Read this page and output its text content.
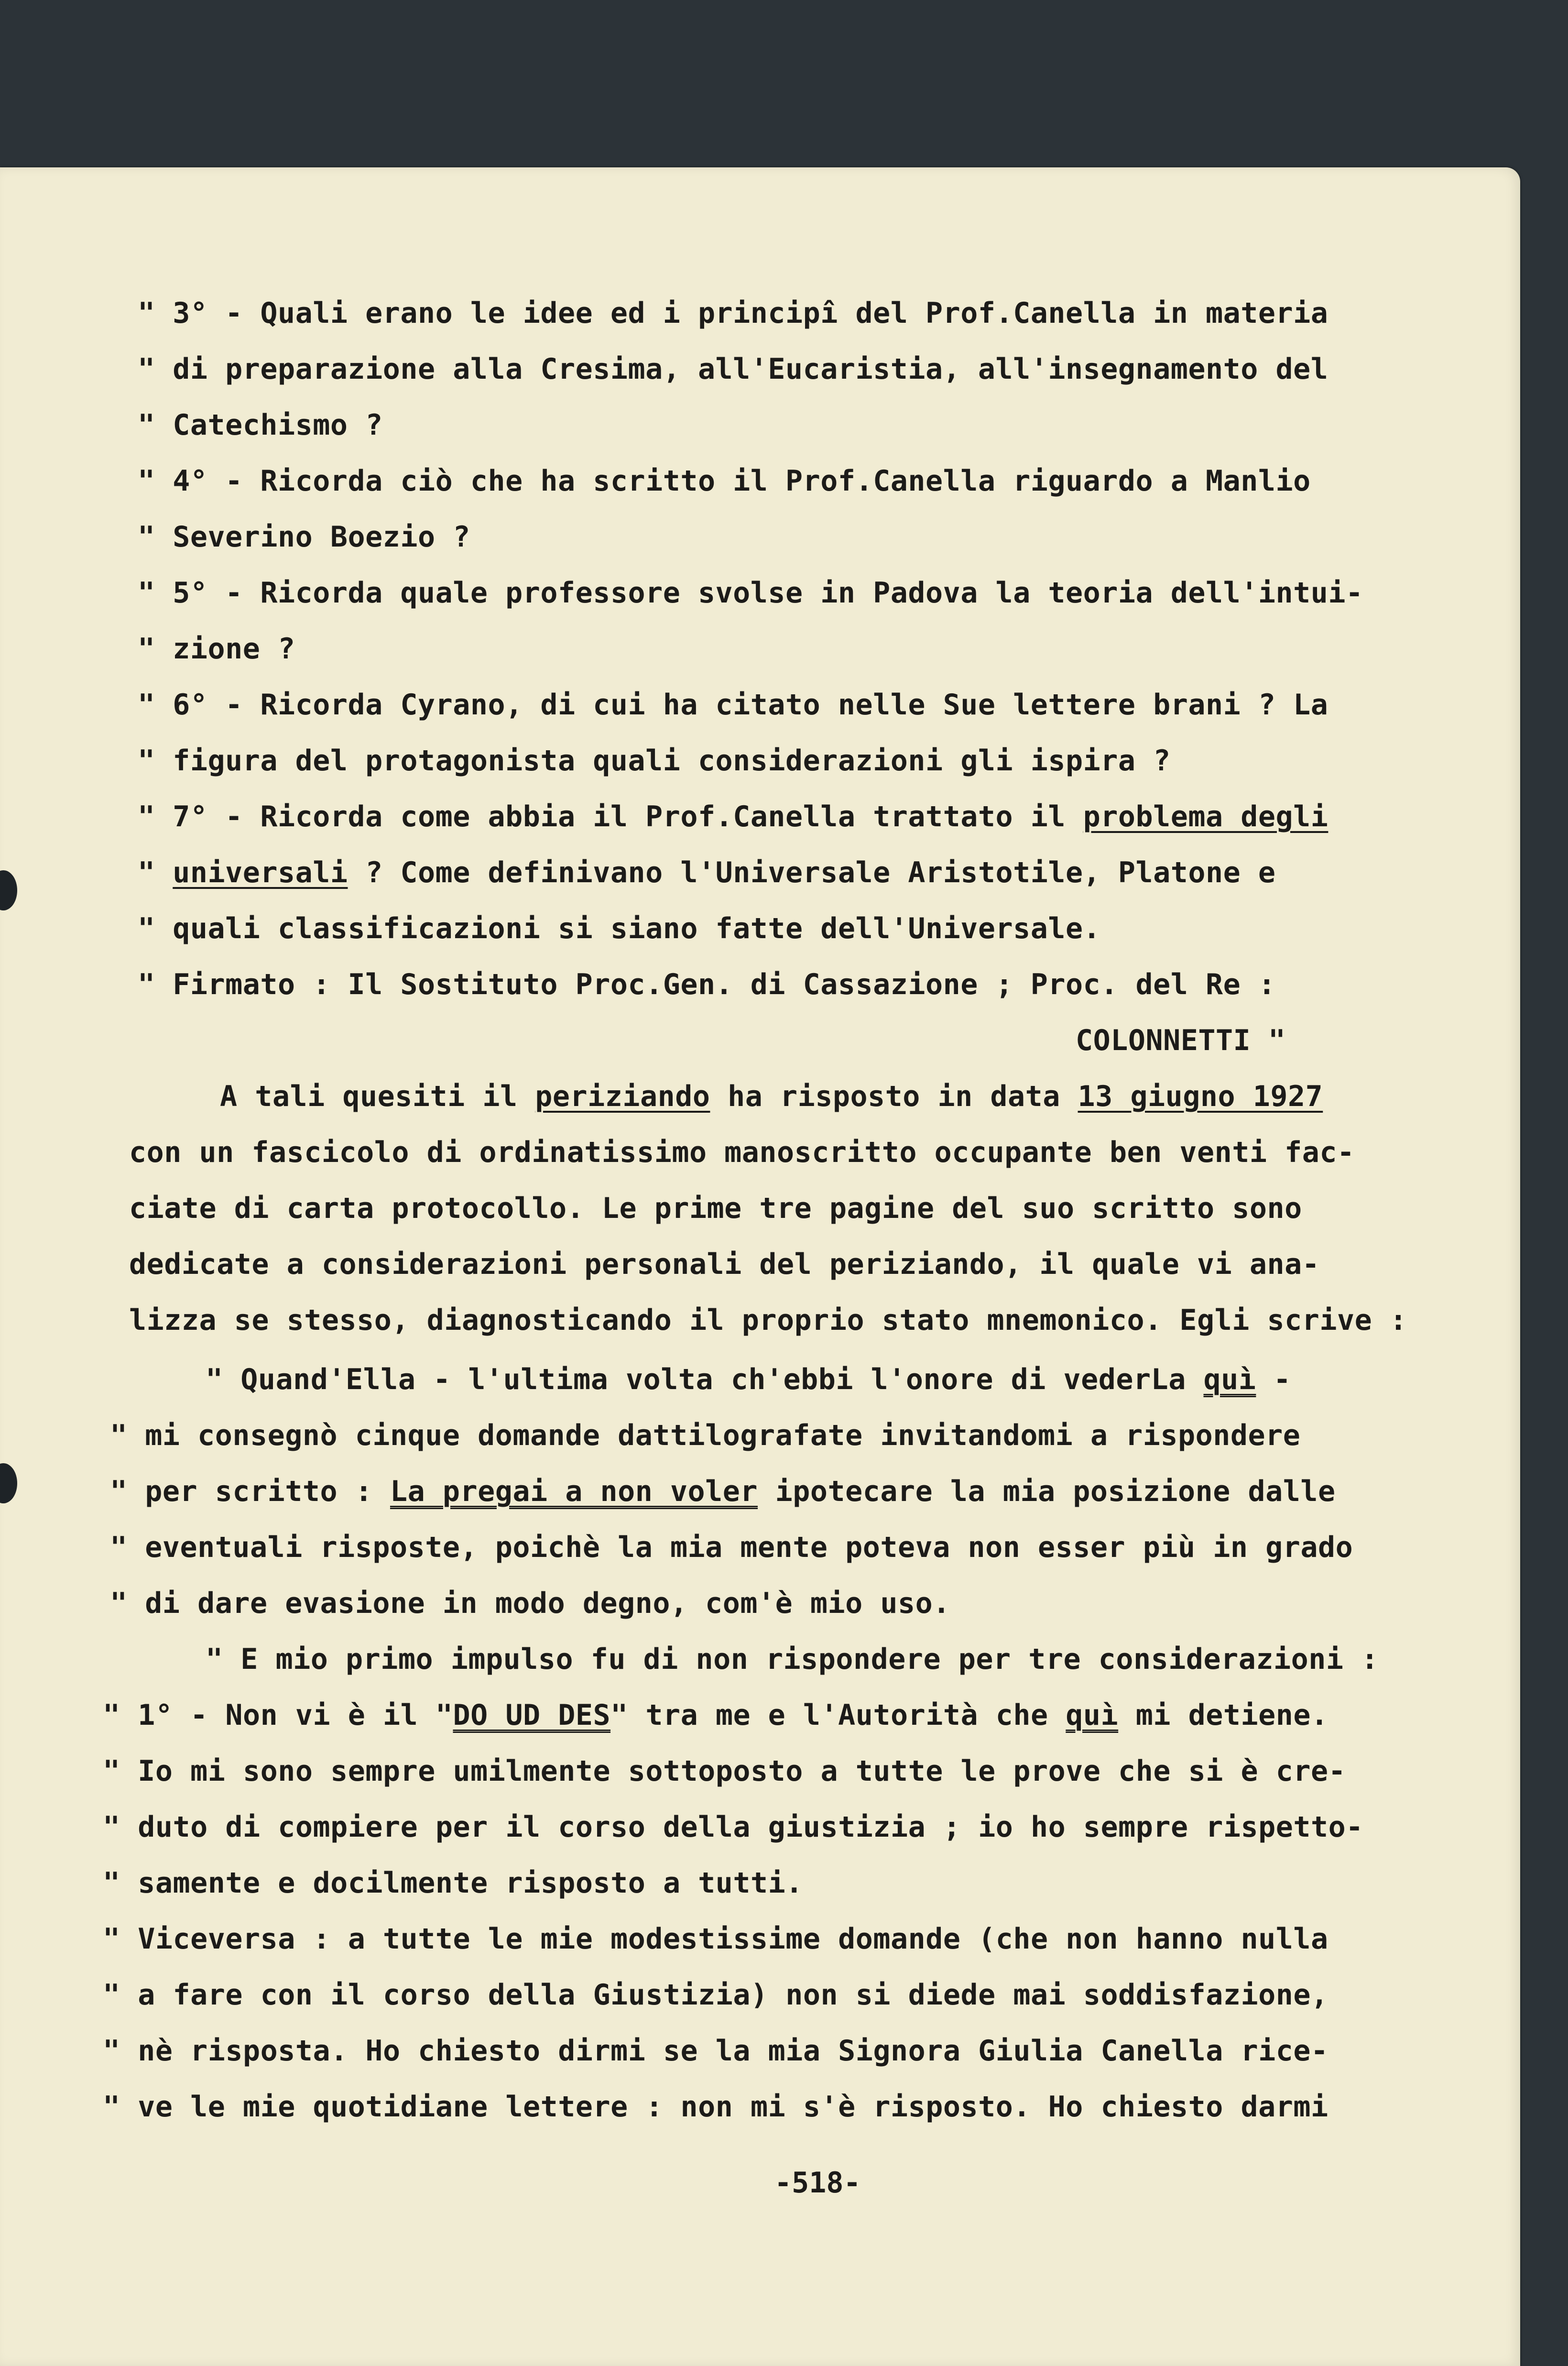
" 3° - Quali erano le idee ed i principî del Prof.Canella in materia
" di preparazione alla Cresima, all'Eucaristia, all'insegnamento del
" Catechismo ?
" 4° - Ricorda ciò che ha scritto il Prof.Canella riguardo a Manlio
" Severino Boezio ?
" 5° - Ricorda quale professore svolse in Padova la teoria dell'intui-
" zione ?
" 6° - Ricorda Cyrano, di cui ha citato nelle Sue lettere brani ? La
" figura del protagonista quali considerazioni gli ispira ?
" 7° - Ricorda come abbia il Prof.Canella trattato il problema degli
" universali ? Come definivano l'Universale Aristotile, Platone e
" quali classificazioni si siano fatte dell'Universale.
" Firmato : Il Sostituto Proc.Gen. di Cassazione ; Proc. del Re :
COLONNETTI "
A tali quesiti il periziando ha risposto in data 13 giugno 1927
con un fascicolo di ordinatissimo manoscritto occupante ben venti fac-
ciate di carta protocollo. Le prime tre pagine del suo scritto sono
dedicate a considerazioni personali del periziando, il quale vi ana-
lizza se stesso, diagnosticando il proprio stato mnemonico. Egli scrive :
" Quand'Ella - l'ultima volta ch'ebbi l'onore di vederLa quì -
" mi consegnò cinque domande dattilografate invitandomi a rispondere
" per scritto : La pregai a non voler ipotecare la mia posizione dalle
" eventuali risposte, poichè la mia mente poteva non esser più in grado
" di dare evasione in modo degno, com'è mio uso.
" E mio primo impulso fu di non rispondere per tre considerazioni :
" 1° - Non vi è il "DO UD DES" tra me e l'Autorità che quì mi detiene.
" Io mi sono sempre umilmente sottoposto a tutte le prove che si è cre-
" duto di compiere per il corso della giustizia ; io ho sempre rispetto-
" samente e docilmente risposto a tutti.
" Viceversa : a tutte le mie modestissime domande (che non hanno nulla
" a fare con il corso della Giustizia) non si diede mai soddisfazione,
" nè risposta. Ho chiesto dirmi se la mia Signora Giulia Canella rice-
" ve le mie quotidiane lettere : non mi s'è risposto. Ho chiesto darmi
-518-
